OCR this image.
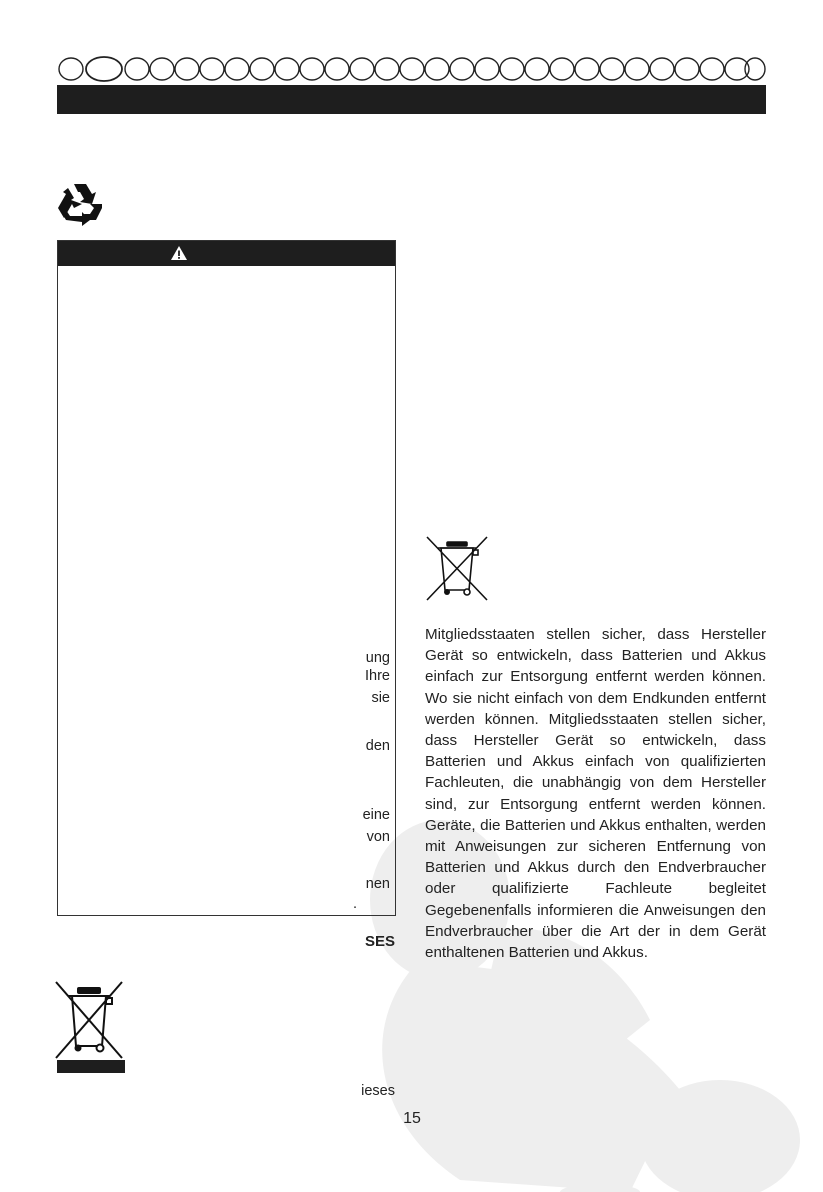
ung
Ihre
sie
den
eine
von
nen
.
SES
ieses
Mitgliedsstaaten stellen sicher, dass Hersteller Gerät so entwickeln, dass Batterien und Akkus einfach zur Entsorgung entfernt werden können. Wo sie nicht einfach von dem Endkunden entfernt werden können. Mitgliedsstaaten stellen sicher, dass Hersteller Gerät so entwickeln, dass Batterien und Akkus einfach von qualifizierten Fachleuten, die unabhängig von dem Hersteller sind, zur Entsorgung entfernt werden können. Geräte, die Batterien und Akkus enthalten, werden mit Anweisungen zur sicheren Entfernung von Batterien und Akkus durch den Endverbraucher oder qualifizierte Fachleute begleitet Gegebenenfalls informieren die Anweisungen den Endverbraucher über die Art der in dem Gerät enthaltenen Batterien und Akkus.
15
